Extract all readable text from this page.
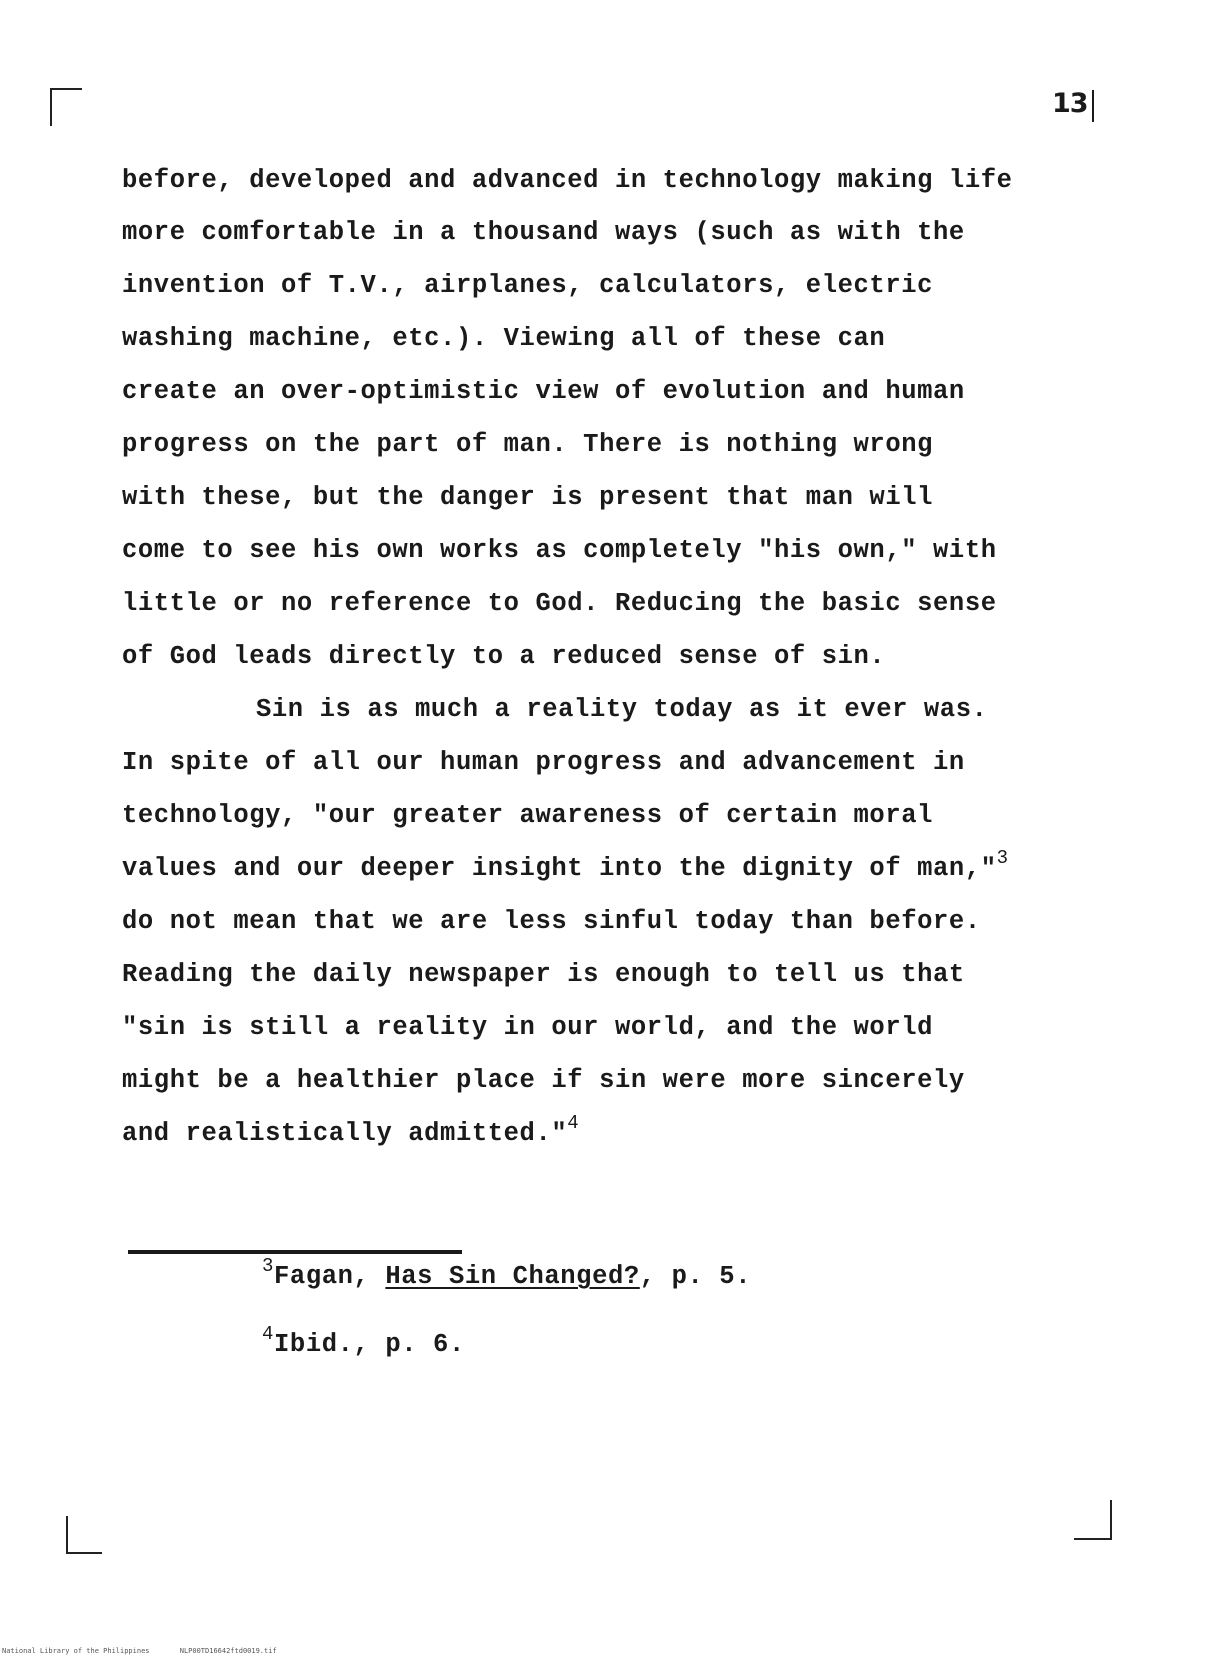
13
before, developed and advanced in technology making life
more comfortable in a thousand ways (such as with the
invention of T.V., airplanes, calculators, electric
washing machine, etc.). Viewing all of these can
create an over-optimistic view of evolution and human
progress on the part of man. There is nothing wrong
with these, but the danger is present that man will
come to see his own works as completely "his own," with
little or no reference to God. Reducing the basic sense
of God leads directly to a reduced sense of sin.
Sin is as much a reality today as it ever was.
In spite of all our human progress and advancement in
technology, "our greater awareness of certain moral
values and our deeper insight into the dignity of man,"$^3$
do not mean that we are less sinful today than before.
Reading the daily newspaper is enough to tell us that
"sin is still a reality in our world, and the world
might be a healthier place if sin were more sincerely
and realistically admitted."$^4$
$^3$Fagan, Has Sin Changed?, p. 5.
$^4$Ibid., p. 6.
National Library of the Philippines	NLP00TD16642ftd0019.tif
